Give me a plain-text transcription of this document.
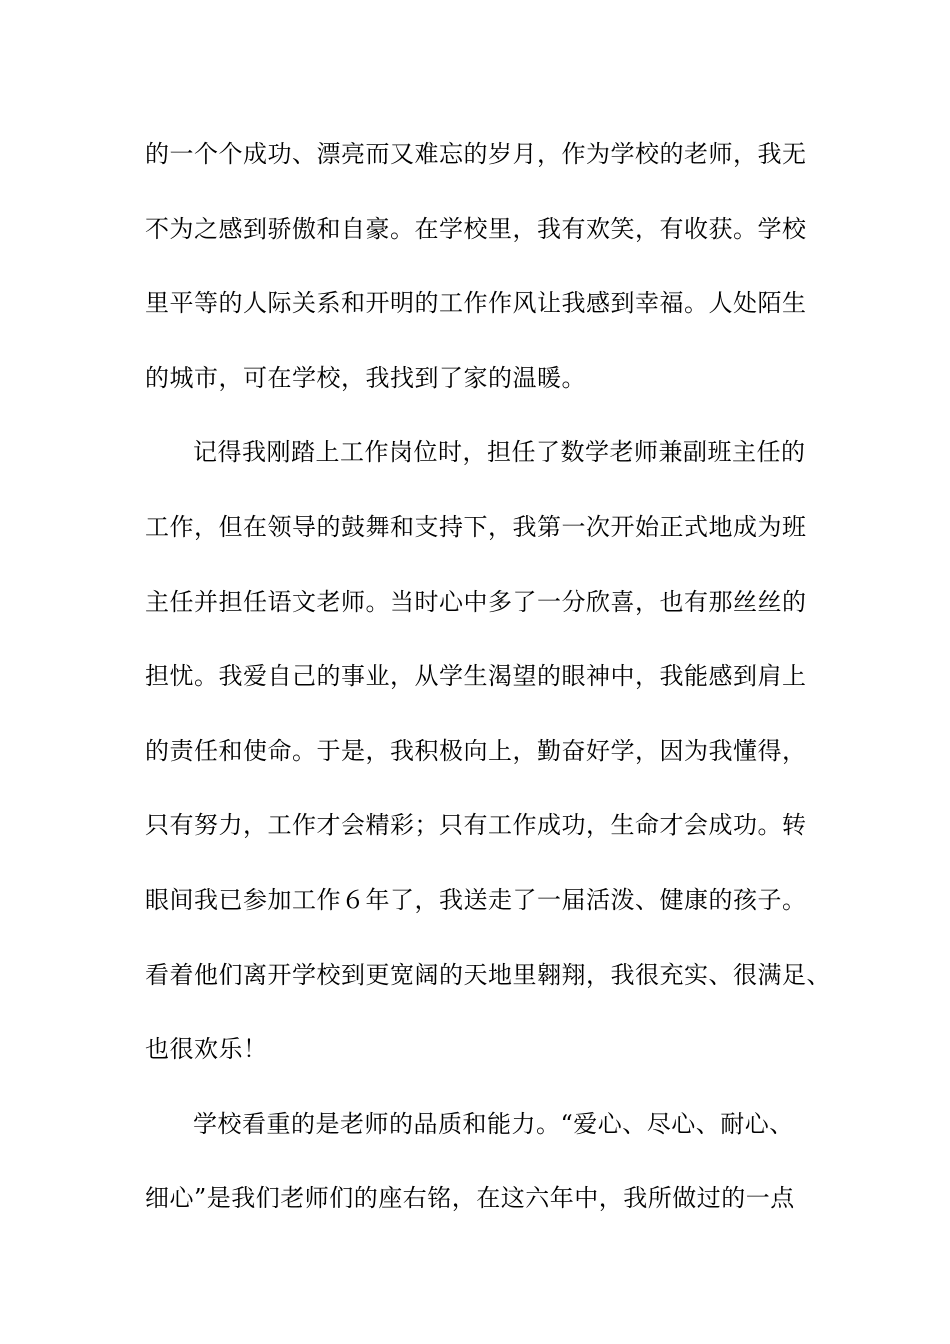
的一个个成功、漂亮而又难忘的岁月，作为学校的老师，我无
不为之感到骄傲和自豪。在学校里，我有欢笑，有收获。学校
里平等的人际关系和开明的工作作风让我感到幸福。人处陌生
的城市，可在学校，我找到了家的温暖。
记得我刚踏上工作岗位时，担任了数学老师兼副班主任的
工作，但在领导的鼓舞和支持下，我第一次开始正式地成为班
主任并担任语文老师。当时心中多了一分欣喜，也有那丝丝的
担忧。我爱自己的事业，从学生渴望的眼神中，我能感到肩上
的责任和使命。于是，我积极向上，勤奋好学，因为我懂得，
只有努力，工作才会精彩；只有工作成功，生命才会成功。转
眼间我已参加工作６年了，我送走了一届活泼、健康的孩子。
看着他们离开学校到更宽阔的天地里翱翔，我很充实、很满足、
也很欢乐！
学校看重的是老师的品质和能力。“爱心、尽心、耐心、
细心”是我们老师们的座右铭，在这六年中，我所做过的一点
